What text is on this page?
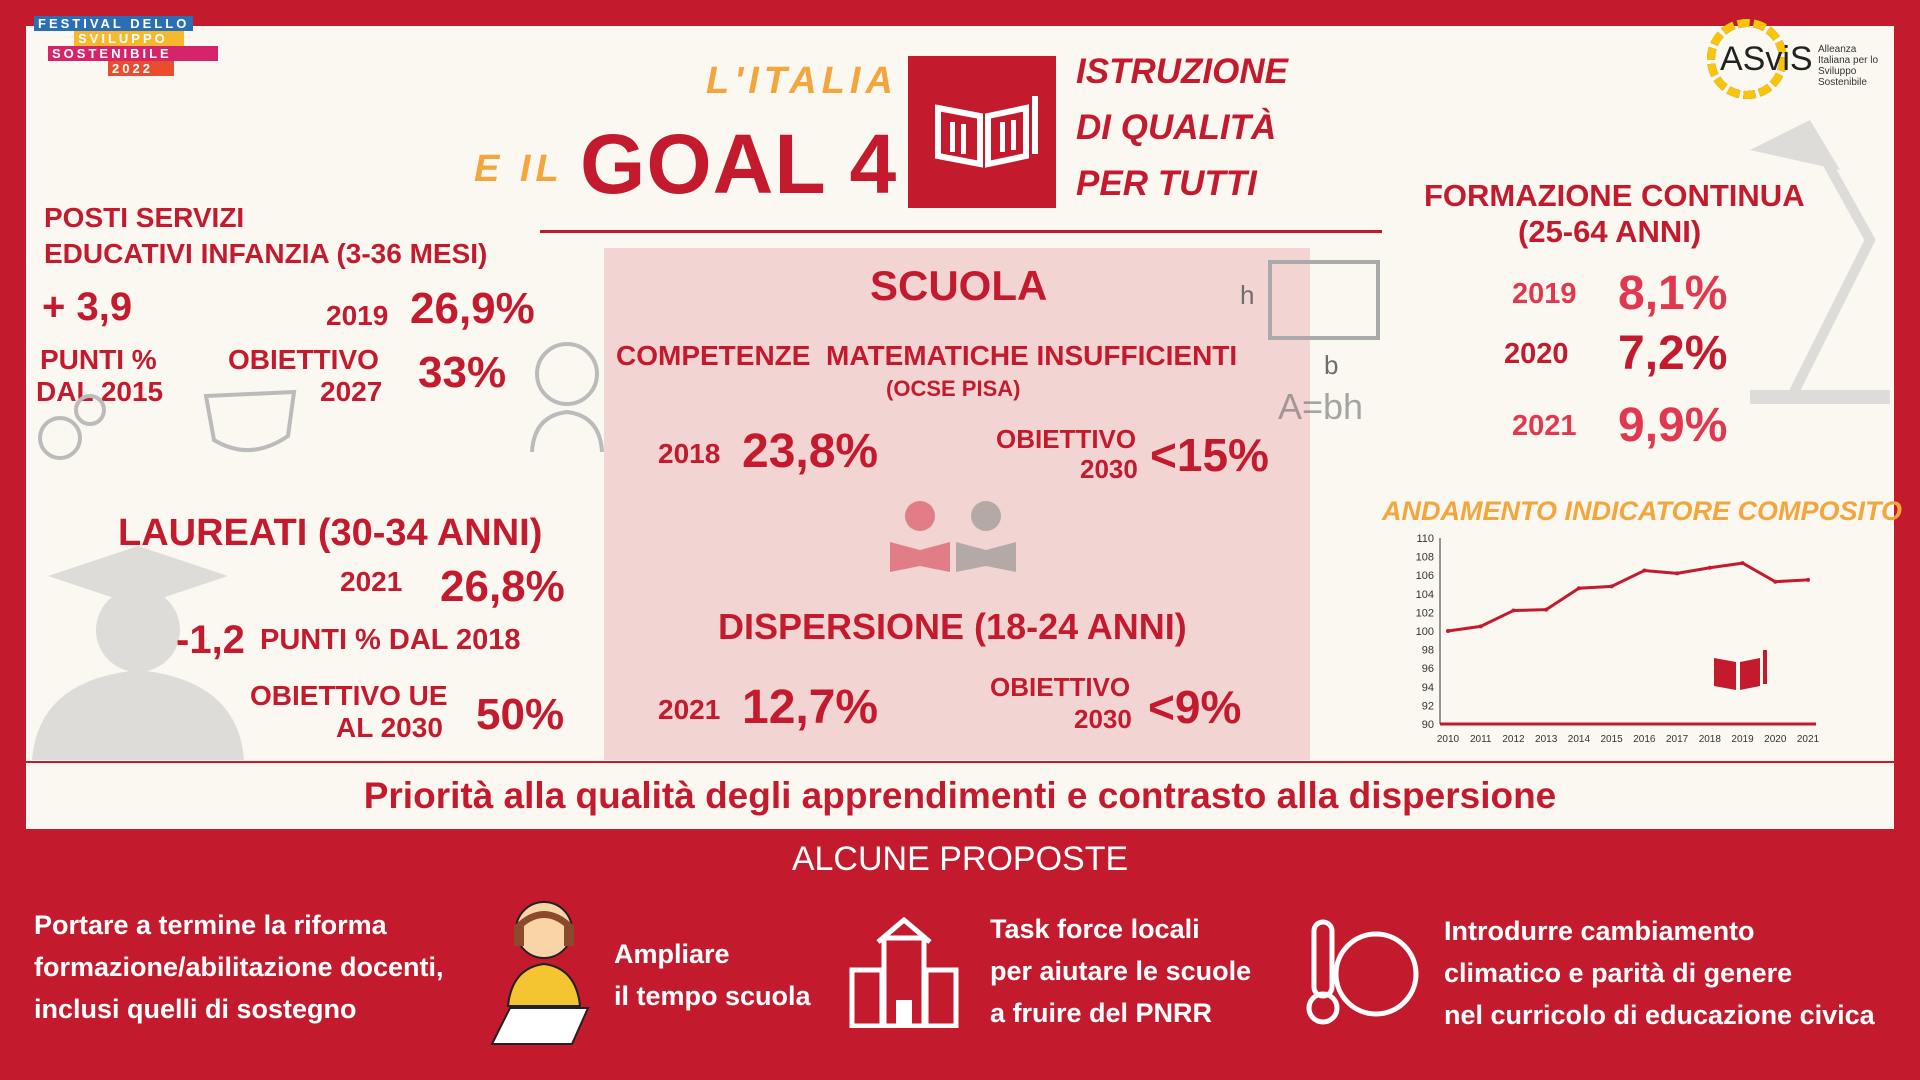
FESTIVAL DELLO
SVILUPPO
SOSTENIBILE
2022	ASviS Alleanza Italiana per lo Sviluppo Sostenibile
L'ITALIA
E IL GOAL 4
ISTRUZIONE
DI QUALITÀ
PER TUTTI
POSTI SERVIZI
EDUCATIVI INFANZIA (3-36 MESI)
+ 3,9
PUNTI %
DAL 2015
2019 26,9%
OBIETTIVO
2027 33%
LAUREATI (30-34 ANNI)
2021 26,8%
-1,2 PUNTI % DAL 2018
OBIETTIVO UE
AL 2030 50%
SCUOLA
COMPETENZE  MATEMATICHE INSUFFICIENTI
(OCSE PISA)
2018 23,8%	OBIETTIVO
2030 <15%
h
b
A=bh
DISPERSIONE (18-24 ANNI)
2021 12,7%	OBIETTIVO
2030 <9%
FORMAZIONE CONTINUA
(25-64 ANNI)
2019 8,1%
2020 7,2%
2021 9,9%
ANDAMENTO INDICATORE COMPOSITO
90
92
94
96
98
100
102
104
106
108
110
2010 2011 2012 2013 2014 2015 2016 2017 2018 2019 2020 2021
Priorità alla qualità degli apprendimenti e contrasto alla dispersione
ALCUNE PROPOSTE
Portare a termine la riforma
formazione/abilitazione docenti,
inclusi quelli di sostegno
Ampliare
il tempo scuola
Task force locali
per aiutare le scuole
a fruire del PNRR
Introdurre cambiamento
climatico e parità di genere
nel curricolo di educazione civica
